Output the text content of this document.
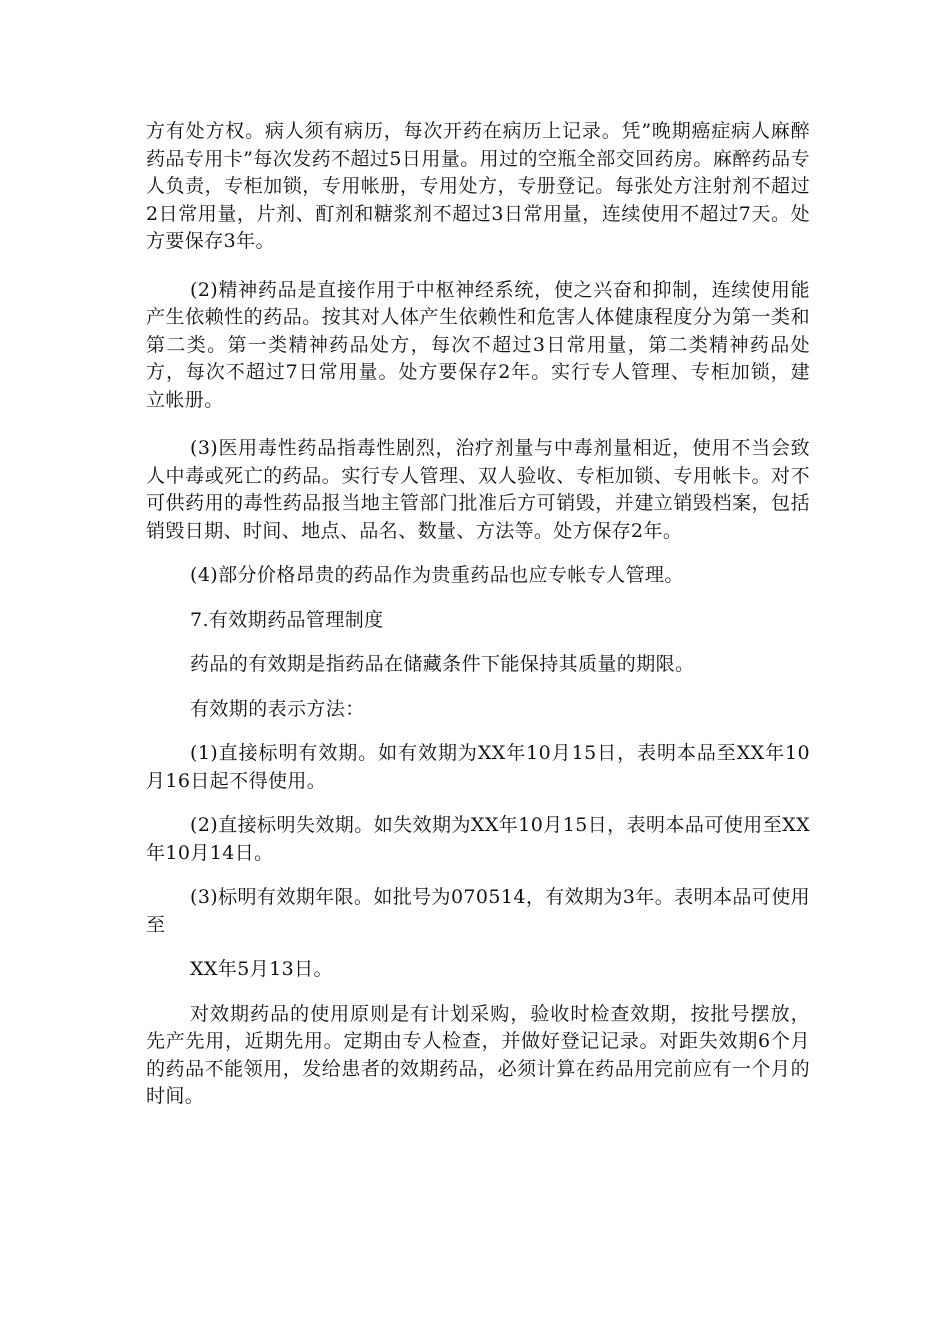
方有处方权。病人须有病历，每次开药在病历上记录。凭”晚期癌症病人麻醉药品专用卡”每次发药不超过5日用量。用过的空瓶全部交回药房。麻醉药品专人负责，专柜加锁，专用帐册，专用处方，专册登记。每张处方注射剂不超过2日常用量，片剂、酊剂和糖浆剂不超过3日常用量，连续使用不超过7天。处方要保存3年。

(2)精神药品是直接作用于中枢神经系统，使之兴奋和抑制，连续使用能产生依赖性的药品。按其对人体产生依赖性和危害人体健康程度分为第一类和第二类。第一类精神药品处方，每次不超过3日常用量，第二类精神药品处方，每次不超过7日常用量。处方要保存2年。实行专人管理、专柜加锁，建立帐册。

(3)医用毒性药品指毒性剧烈，治疗剂量与中毒剂量相近，使用不当会致人中毒或死亡的药品。实行专人管理、双人验收、专柜加锁、专用帐卡。对不可供药用的毒性药品报当地主管部门批准后方可销毁，并建立销毁档案，包括销毁日期、时间、地点、品名、数量、方法等。处方保存2年。

(4)部分价格昂贵的药品作为贵重药品也应专帐专人管理。

7.有效期药品管理制度

药品的有效期是指药品在储藏条件下能保持其质量的期限。

有效期的表示方法：

(1)直接标明有效期。如有效期为XX年10月15日，表明本品至XX年10月16日起不得使用。

(2)直接标明失效期。如失效期为XX年10月15日，表明本品可使用至XX年10月14日。

(3)标明有效期年限。如批号为070514，有效期为3年。表明本品可使用至

XX年5月13日。

对效期药品的使用原则是有计划采购，验收时检查效期，按批号摆放，先产先用，近期先用。定期由专人检查，并做好登记记录。对距失效期6个月的药品不能领用，发给患者的效期药品，必须计算在药品用完前应有一个月的时间。
